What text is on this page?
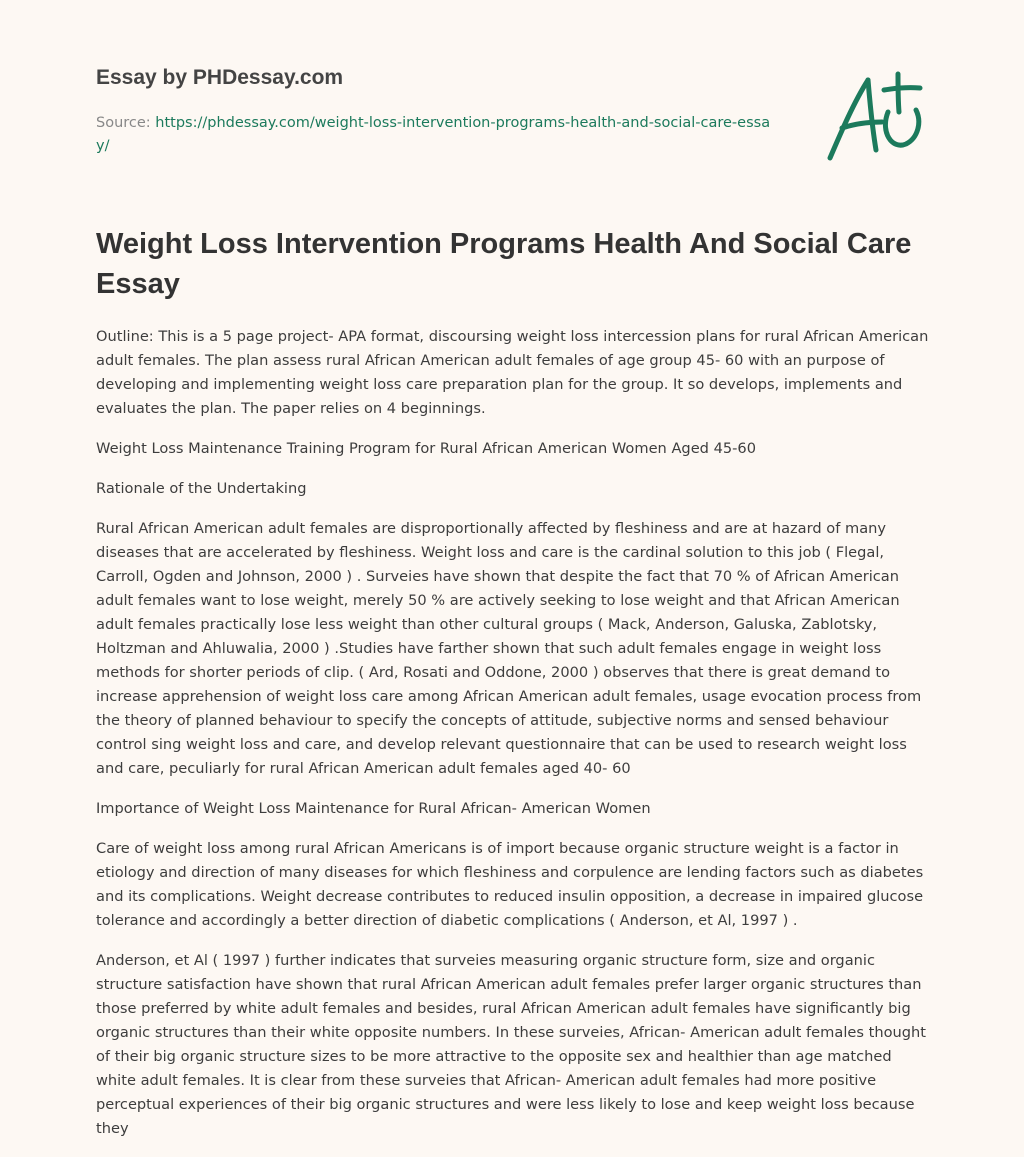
Essay by PHDessay.com

Source: https://phdessay.com/weight-loss-intervention-programs-health-and-social-care-essay/

Weight Loss Intervention Programs Health And Social Care Essay

Outline: This is a 5 page project- APA format, discoursing weight loss intercession plans for rural African American adult females. The plan assess rural African American adult females of age group 45- 60 with an purpose of developing and implementing weight loss care preparation plan for the group. It so develops, implements and evaluates the plan. The paper relies on 4 beginnings.

Weight Loss Maintenance Training Program for Rural African American Women Aged 45-60

Rationale of the Undertaking

Rural African American adult females are disproportionally affected by fleshiness and are at hazard of many diseases that are accelerated by fleshiness. Weight loss and care is the cardinal solution to this job ( Flegal, Carroll, Ogden and Johnson, 2000 ) . Surveies have shown that despite the fact that 70 % of African American adult females want to lose weight, merely 50 % are actively seeking to lose weight and that African American adult females practically lose less weight than other cultural groups ( Mack, Anderson, Galuska, Zablotsky, Holtzman and Ahluwalia, 2000 ) .Studies have farther shown that such adult females engage in weight loss methods for shorter periods of clip. ( Ard, Rosati and Oddone, 2000 ) observes that there is great demand to increase apprehension of weight loss care among African American adult females, usage evocation process from the theory of planned behaviour to specify the concepts of attitude, subjective norms and sensed behaviour control sing weight loss and care, and develop relevant questionnaire that can be used to research weight loss and care, peculiarly for rural African American adult females aged 40- 60

Importance of Weight Loss Maintenance for Rural African- American Women

Care of weight loss among rural African Americans is of import because organic structure weight is a factor in etiology and direction of many diseases for which fleshiness and corpulence are lending factors such as diabetes and its complications. Weight decrease contributes to reduced insulin opposition, a decrease in impaired glucose tolerance and accordingly a better direction of diabetic complications ( Anderson, et Al, 1997 ) .

Anderson, et Al ( 1997 ) further indicates that surveies measuring organic structure form, size and organic structure satisfaction have shown that rural African American adult females prefer larger organic structures than those preferred by white adult females and besides, rural African American adult females have significantly big organic structures than their white opposite numbers. In these surveies, African- American adult females thought of their big organic structure sizes to be more attractive to the opposite sex and healthier than age matched white adult females. It is clear from these surveies that African- American adult females had more positive perceptual experiences of their big organic structures and were less likely to lose and keep weight loss because they
